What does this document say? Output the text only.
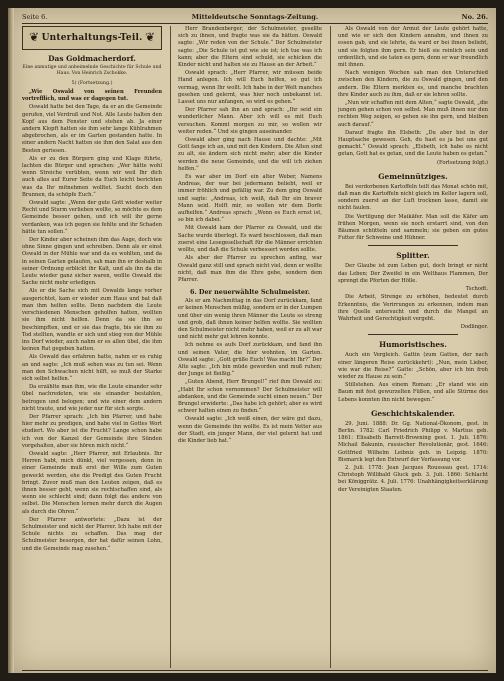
Mitteldeutsche Sonntags-Zeitung.
Seite 6.	No. 26.
❦ Unterhaltungs-Teil. ❦
Das Goldmacherdorf.
Eine anmutige und anheimelnde Geschichte für Schule und Haus. Von Heinrich Zschokke.
5) (Fortsetzung.)

„Wie Oswald von seinen Freunden vortrefflich, und was er dagegen tut.

Oswald hatte bei den Tage, da er an die Gemeinde gerufen, viel Verdruß und Not. Alle Leute halten den Kopf aus dem Fenster und stehen ab. Ja einer andern Klopft hatten sie ihm sehr lange Kühlrahmen abgebrochen, als er im Garten gestanden hatte. In einer andern Nacht hatten sie ihm den Salat aus den Beeten gerissen.

Als er zu den Bürgern ging und Klage führte, lachten die Bürger und sprachen: „Wer hätte wohl wenn Streiche verübten, wenn wir weil Ihr dich auch alles auf Eurer Seite da Euch leicht berichten was da Ihr mitnehmen wolltet. Sucht doch den Brunnen, da schöpfe Euch.“

Oswald sagte: „Wenn der gute Gott wieder weiter Recht und Sturm verlieben wollte, so möchte es dem Gemeinde besser gehen, und ich will ihr gerne verdanken, was ich gegen sie fehlte und ihr Schaden hätte tun sollen.“

Der Kinder aber scheinen ihm das Auge, doch wie ohne Sinne gingen und schreiben. Denn als er einst Oswald in der Mühle war und da es wohlten, und da in seinen Garten gelaufen, sah man ihn er deshalb in seiner Ordnung erblickt ihr Kalt, und als ihn da die Leute wieder ganz sicher waren, wollte Oswald die Sache nicht mehr erledigen.

Als er die Sache sich mit Oswalds lange vorher ausgerichtet, kam er wieder zum Haus und bat daß man ihm helfen sollte. Denn nachdem die Leute verschiedenen Menschen geholfen hatten, wollten sie ihm nicht helfen. Denn da sie ihn so beschimpften, und er sie das fragte, bis sie ihm zu Tod stellten, wandte er sich und stieg von der Mühle ins Dorf wieder, auch nahm er es allen übel, die ihm keinen Rat gegeben hatten.

Als Oswald das erfahren hatte, nahm er es ruhig an und sagte: „Ich muß sehen was zu tun sei. Wenn man den Schwachen nicht hilft, so muß der Starke sich selbst helfen.“

Da erzählte man ihm, wie die Leute einander sehr übel nachredeten, wie sie einander bestahlen, betrogen und belogen; und wie einer dem andern nicht traute, und wie jeder nur für sich sorgte.

Der Pfarrer sprach: „Ich bin Pfarrer, und habe hier mehr zu predigen, und habe viel in Gottes Wort studiert. Wo aber ist die Frucht? Lange schon habe ich von der Kanzel der Gemeinde ihre Sünden vorgehalten, aber sie hören mich nicht.“

Oswald sagte: „Herr Pfarrer, mit Erlaubnis. Ihr Herren habt, mich dünkt, viel vergessen, denn in einer Gemeinde muß erst der Wille zum Guten geweckt werden, ehe die Predigt des Guten Frucht bringt. Zuvor muß man den Leuten zeigen, daß es ihnen besser geht, wenn sie rechtschaffen sind, als wenn sie schlecht sind; dann folgt das andere von selbst. Die Menschen lernen mehr durch die Augen als durch die Ohren.“

Der Pfarrer antwortete: „Dazu ist der Schulmeister und nicht der Pfarrer. Ich habe mit der Schule nichts zu schaffen. Das mag der Schulmeister besorgen, der hat dafür seinen Lohn, und die Gemeinde mag zusehen.“

Herr Brandenberger, der Schulmeister, gesellte sich zu ihnen, und fragte was sie da hätten. Oswald sagte: „Wir reden von der Schule.“ Der Schulmeister sagte: „Die Schule ist gut wie sie ist; ich tue was ich kann; aber die Eltern sind schuld, sie schicken die Kinder nicht und halten sie zu Hause an der Arbeit.“

Oswald sprach: „Herr Pfarrer, wir müssen beide Hand anlegen. Ich will Euch helfen, so gut ich vermag, wenn Ihr wollt. Ich habe in der Welt manches gesehen und gelernt, was hier noch unbekannt ist. Lasset uns nur anfangen, so wird es gehen.“

Der Pfarrer sah ihn an und sprach: „Ihr seid ein wunderlicher Mann. Aber ich will es mit Euch versuchen. Kommt morgen zu mir, so wollen wir weiter reden.“ Und sie gingen auseinander.

Oswald aber ging nach Hause und dachte: „Mit Gott fange ich an, und mit den Kindern. Die Alten sind zu alt, sie ändern sich nicht mehr; aber die Kinder werden die neue Gemeinde, und die will ich ziehen helfen.“

Es war aber im Dorf ein alter Weber, Namens Andreas, der war bei jedermann beliebt, weil er immer fröhlich und gefällig war. Zu dem ging Oswald und sagte: „Andreas, ich weiß, daß Ihr ein braver Mann seid. Helft mir, so wollen wir dem Dorfe aufhelfen.“ Andreas sprach: „Wenn es Euch ernst ist, so bin ich dabei.“

Mit Oswald kam der Pfarrer zu Oswald, und die Sache wurde überlegt. Es ward beschlossen, daß man zuerst eine Lesegesellschaft für die Männer errichten wollte, und daß die Schule verbessert werden sollte.

Als aber der Pfarrer zu sprechen anfing, war Oswald ganz still und sprach nicht viel, denn er wollte nicht, daß man ihm die Ehre gebe, sondern dem Pfarrer.

6. Der neuerwählte Schulmeister.

Als er am Nachmittag in das Dorf zurückkam, fand er keinen Menschen müßig, sondern er in der Lumpen und über ein wenig ihren Männer die Leute so streng und grob, daß ihnen keiner helfen wollte. Sie wollten den Schulmeister nicht mehr haben, weil er zu alt war und nicht mehr gut lehren konnte.

Ich nehme es aufs Dorf zurückkam, und fand ihn und seinen Vater, die hier wohnten, im Garten. Oswald sagte: „Gott grüße Euch! Was macht Ihr?“ Der Alte sagte: „Ich bin müde geworden und muß ruhen; der Junge ist fleißig.“

„Guten Abend, Herr Brungel!“ rief ihm Oswald zu: „Habt Ihr schon vernommen? Der Schulmeister will abdanken, und die Gemeinde sucht einen neuen.“ Der Brungel erwiderte: „Das habe ich gehört; aber es wird schwer halten einen zu finden.“

Oswald sagte: „Ich weiß einen, der wäre gut dazu, wenn die Gemeinde ihn wollte. Es ist mein Vetter aus der Stadt, ein junger Mann, der viel gelernt hat und die Kinder lieb hat.“

Als Oswald von der Armut der Leute gehört hatte, und wie er sich den Kindern annahm, und ihnen zu essen gab, und sie lehrte, da ward er bei ihnen beliebt, und sie folgten ihm gern. Er hieß sie reinlich sein und ordentlich, und sie taten es gern, denn er war freundlich mit ihnen.

Nach wenigen Wochen sah man den Unterschied zwischen den Kindern, die zu Oswald gingen, und den andern. Die Eltern merkten es, und manche brachten ihre Kinder auch zu ihm, daß er sie lehren sollte.

„Nun wir schaffen mit dem Alten,“ sagte Oswald, „die jungen gehen schon von selbst. Man muß ihnen nur den rechten Weg zeigen, so gehen sie ihn gern, und bleiben auch darauf.“

Darauf fragte ihn Elsbeth: „Du aber bist in der Hauptsache gewesen. Geh, du hast es ja bei uns gut gemacht.“ Oswald sprach: „Elsbeth, ich habe es nicht getan, Gott hat es getan, und die Leute haben es getan.“

(Fortsetzung folgt.)

Gemeinnütziges.

Bei verdorbenen Kartoffeln teilt das Monat schön mit, daß man die Kartoffeln nicht gleich im Keller lagern soll, sondern zuerst an der Luft trocknen lasse, damit sie nicht faulen.

Die Vertilgung der Maikäfer. Man soll die Käfer am frühen Morgen, wenn sie noch erstarrt sind, von den Bäumen schütteln und sammeln; sie geben ein gutes Futter für Schweine und Hühner.

Splitter.

Der Glaube ist zum Leben gut, doch bringt er nicht das Leben; Der Zweifel in ein Welthaus Flammen, Der sprengt die Pforten der Hölle.

Tschodt.

Die Arbeit, Strenge zu erhöhen, bedeutet durch Erkenntnis, die Verirrungen zu erkennen, indem man ihre Quelle untersucht und durch die Mangel an Wahrheit und Gerechtigkeit vergeht.

Dodlinger.

Humoristisches.

Auch ein Vergleich. Gattin (zum Gatten, der nach einer längeren Reise zurückkehrt): „Nun, mein Lieber, wie war die Reise?“ Gatte: „Schön, aber ich bin froh wieder zu Hause zu sein.“

Stillstehen. Aus einem Roman: „Er stand wie ein Baum mit fest gewurzelten Füßen, und alle Stürme des Lebens konnten ihn nicht bewegen.“

Geschichtskalender.

29. Juni. 1888: Dr. Gg. National-Ökonom, gest. in Berlin. 1782: Carl Friedrich Philipp v. Martius geb. 1861: Elisabeth Barrett-Browning gest. 1. Juli. 1876: Michail Bakunin, russischer Revolutionär, gest. 1646: Gottfried Wilhelm Leibniz geb. in Leipzig. 1870: Bismarck legt den Entwurf der Verfassung vor.

2. Juli. 1778: Jean Jacques Rousseau gest. 1714: Christoph Willibald Gluck geb. 3. Juli. 1866: Schlacht bei Königgrätz. 4. Juli. 1776: Unabhängigkeitserklärung der Vereinigten Staaten.
